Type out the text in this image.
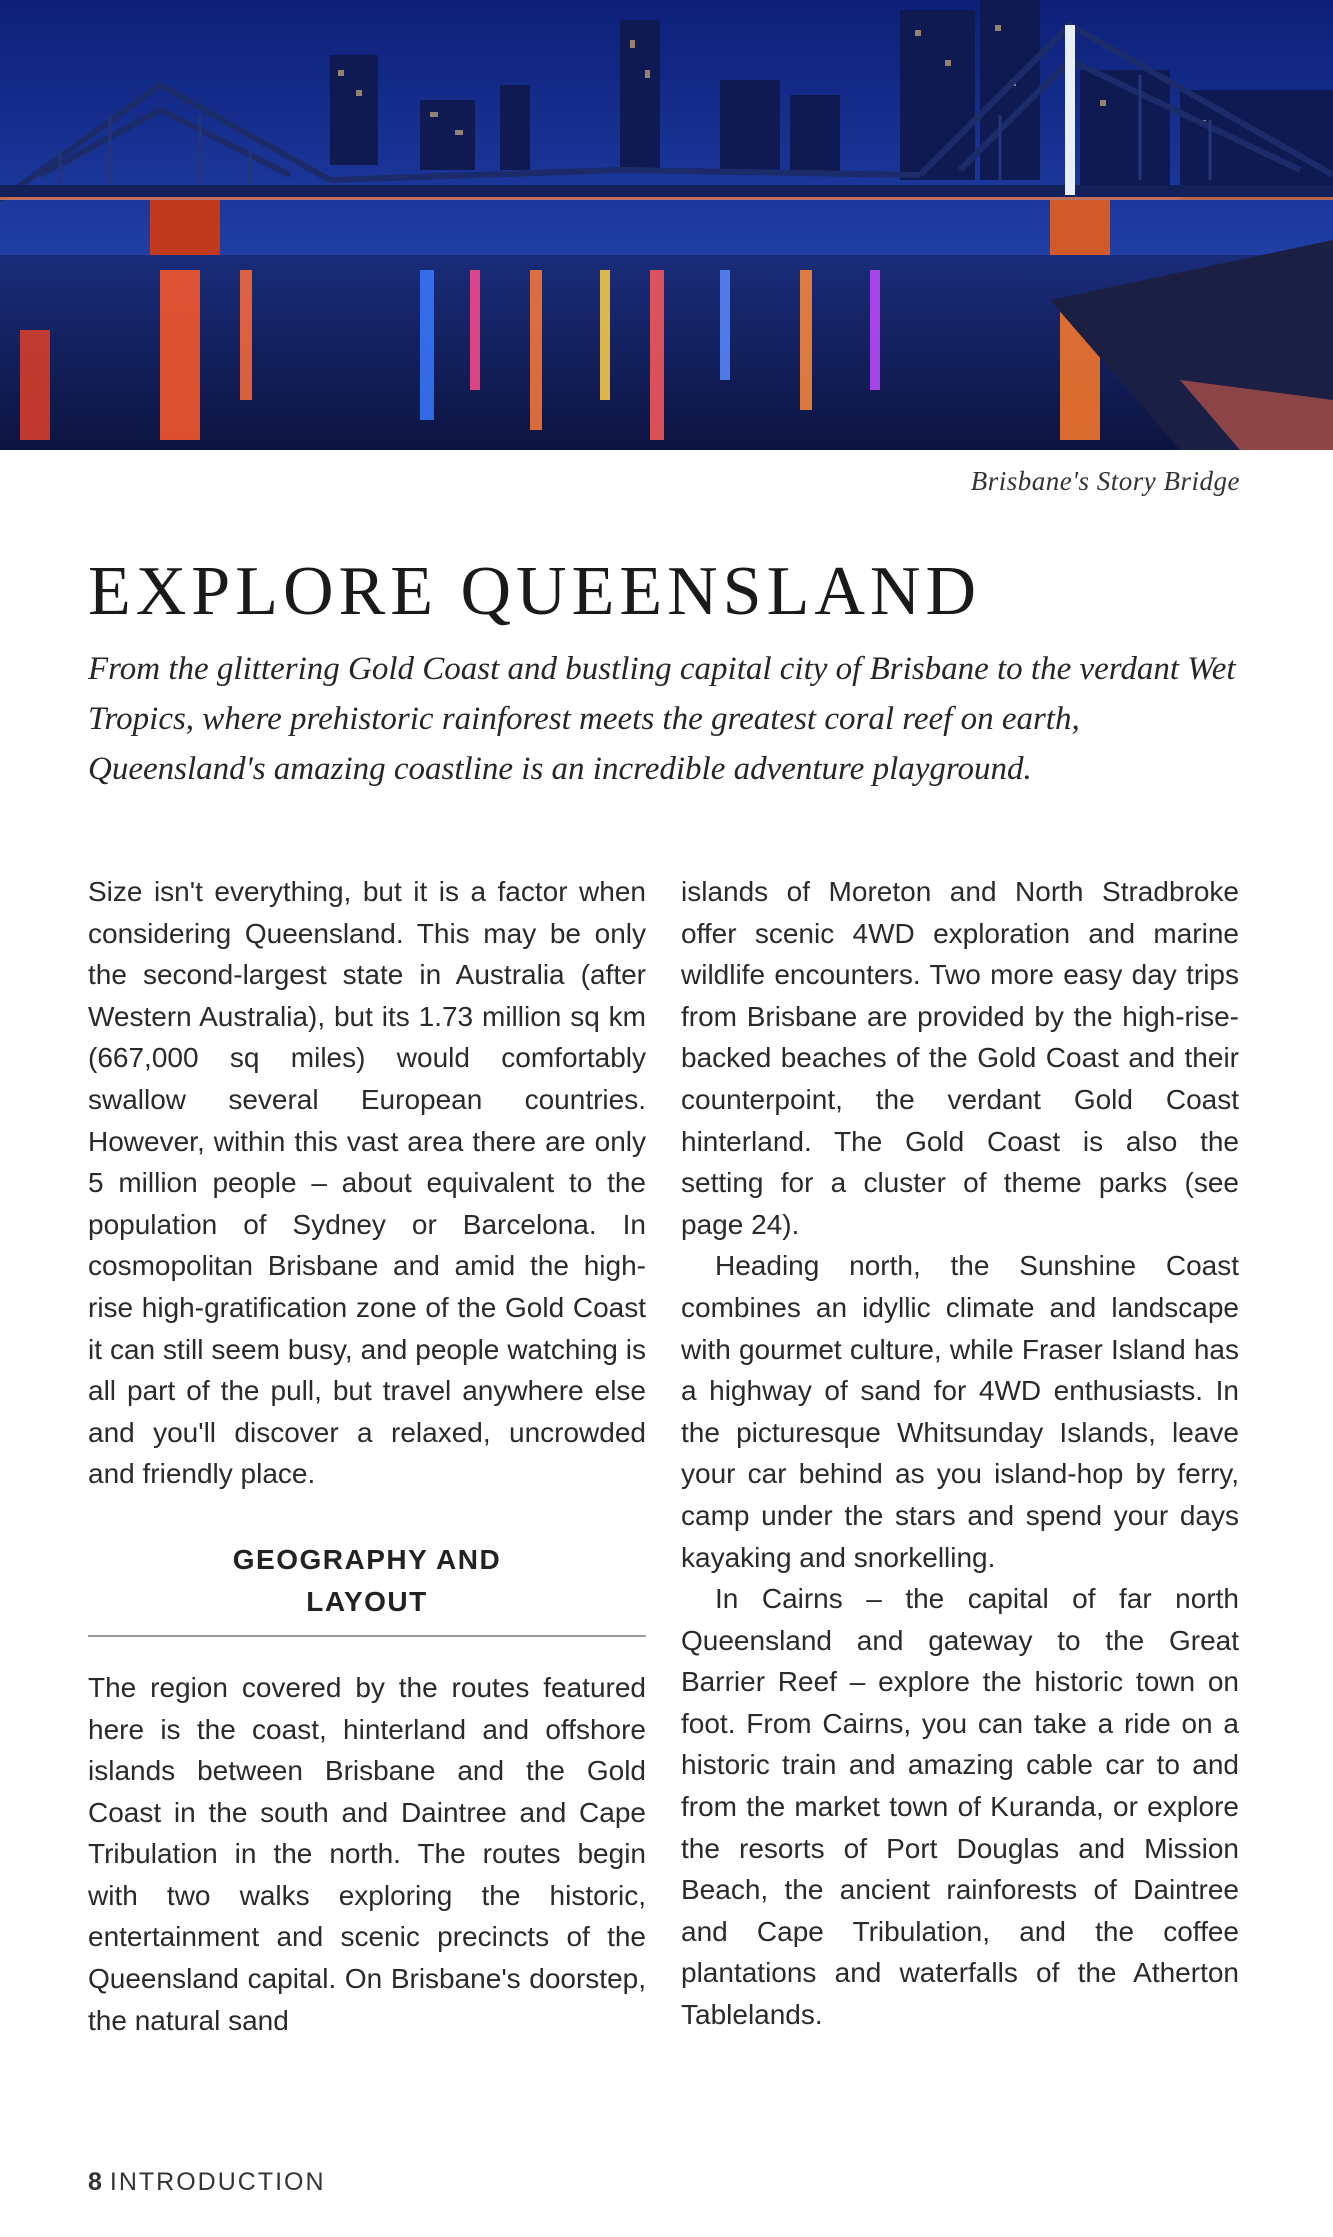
Brisbane's Story Bridge
EXPLORE QUEENSLAND

From the glittering Gold Coast and bustling capital city of Brisbane to the verdant Wet Tropics, where prehistoric rainforest meets the greatest coral reef on earth, Queensland's amazing coastline is an incredible adventure playground.

Size isn't everything, but it is a factor when considering Queensland. This may be only the second-largest state in Australia (after Western Australia), but its 1.73 million sq km (667,000 sq miles) would comfortably swallow several European countries. However, within this vast area there are only 5 million people – about equivalent to the population of Sydney or Barcelona. In cosmopolitan Brisbane and amid the high-rise high-gratification zone of the Gold Coast it can still seem busy, and people watching is all part of the pull, but travel anywhere else and you'll discover a relaxed, uncrowded and friendly place.

GEOGRAPHY AND
LAYOUT

The region covered by the routes featured here is the coast, hinterland and offshore islands between Brisbane and the Gold Coast in the south and Daintree and Cape Tribulation in the north. The routes begin with two walks exploring the historic, entertainment and scenic precincts of the Queensland capital. On Brisbane's doorstep, the natural sand

islands of Moreton and North Stradbroke offer scenic 4WD exploration and marine wildlife encounters. Two more easy day trips from Brisbane are provided by the high-rise-backed beaches of the Gold Coast and their counterpoint, the verdant Gold Coast hinterland. The Gold Coast is also the setting for a cluster of theme parks (see page 24).

Heading north, the Sunshine Coast combines an idyllic climate and landscape with gourmet culture, while Fraser Island has a highway of sand for 4WD enthusiasts. In the picturesque Whitsunday Islands, leave your car behind as you island-hop by ferry, camp under the stars and spend your days kayaking and snorkelling.

In Cairns – the capital of far north Queensland and gateway to the Great Barrier Reef – explore the historic town on foot. From Cairns, you can take a ride on a historic train and amazing cable car to and from the market town of Kuranda, or explore the resorts of Port Douglas and Mission Beach, the ancient rainforests of Daintree and Cape Tribulation, and the coffee plantations and waterfalls of the Atherton Tablelands.

8 INTRODUCTION
